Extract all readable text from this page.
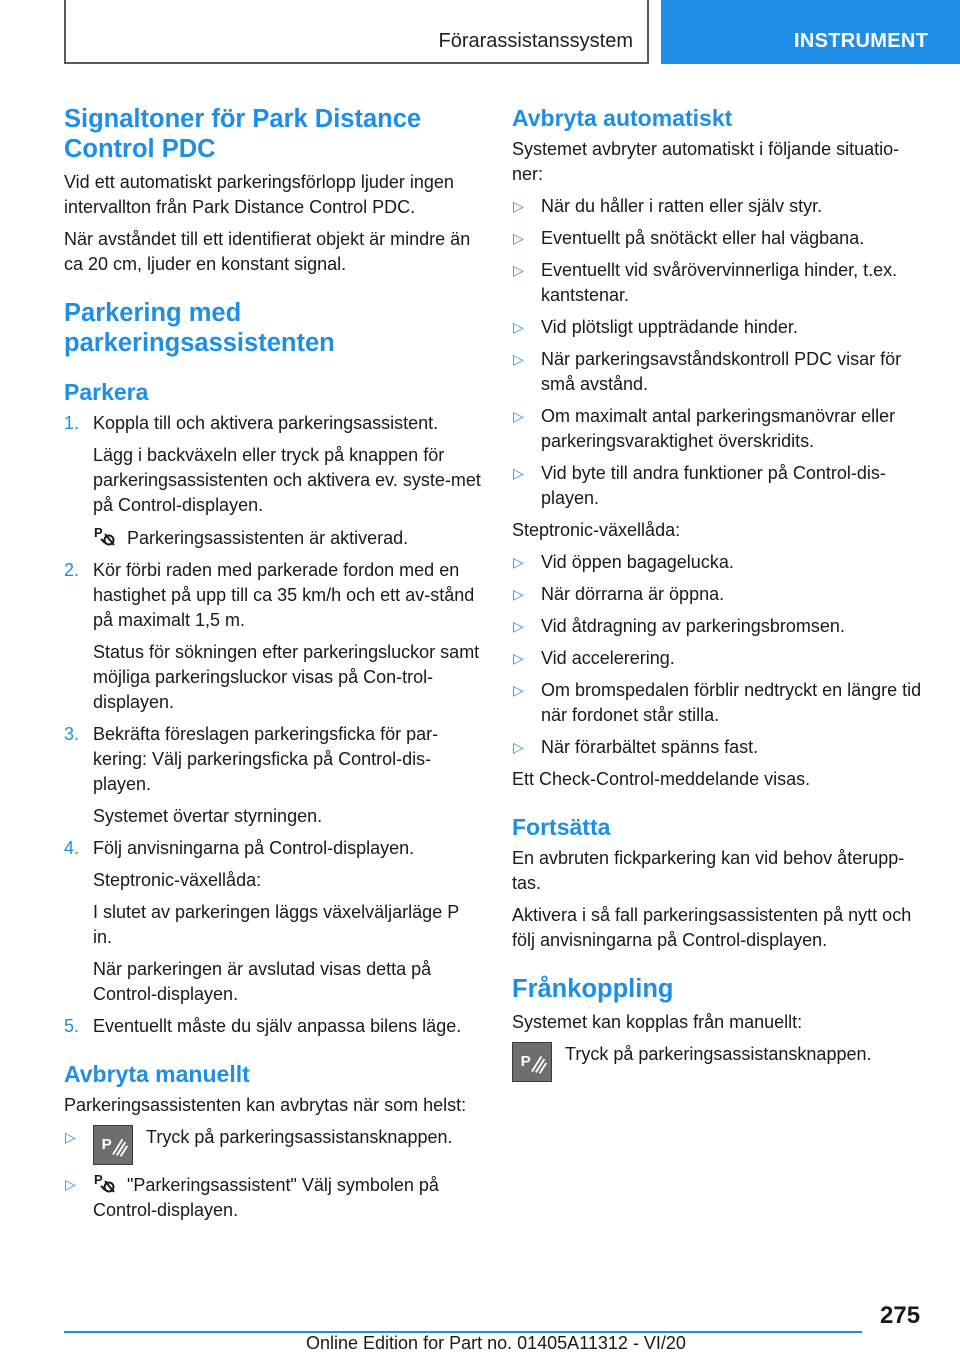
Förarassistanssystem	INSTRUMENT
Signaltoner för Park Distance Control PDC

Vid ett automatiskt parkeringsförlopp ljuder ingen intervallton från Park Distance Control PDC.

När avståndet till ett identifierat objekt är mindre än ca 20 cm, ljuder en konstant signal.

Parkering med parkeringsassistenten
Parkera
1. Koppla till och aktivera parkeringsassistent.

Lägg i backväxeln eller tryck på knappen för parkeringsassistenten och aktivera ev. syste-met på Control-displayen.

P Parkeringsassistenten är aktiverad.

2. Kör förbi raden med parkerade fordon med en hastighet på upp till ca 35 km/h och ett av-stånd på maximalt 1,5 m.

Status för sökningen efter parkeringsluckor samt möjliga parkeringsluckor visas på Con-trol-displayen.

3. Bekräfta föreslagen parkeringsficka för par-kering: Välj parkeringsficka på Control-dis-playen.

Systemet övertar styrningen.

4. Följ anvisningarna på Control-displayen.

Steptronic-växellåda:

I slutet av parkeringen läggs växelväljarläge P in.

När parkeringen är avslutad visas detta på Control-displayen.

5. Eventuellt måste du själv anpassa bilens läge.
Avbryta manuellt

Parkeringsassistenten kan avbrytas när som helst:

▷	P Tryck på parkeringsassistansknappen.
▷	P "Parkeringsassistent" Välj symbolen på Control-displayen.
Avbryta automatiskt

Systemet avbryter automatiskt i följande situatio-ner:

▷ När du håller i ratten eller själv styr.
▷ Eventuellt på snötäckt eller hal vägbana.
▷ Eventuellt vid svårövervinnerliga hinder, t.ex. kantstenar.
▷ Vid plötsligt uppträdande hinder.
▷ När parkeringsavståndskontroll PDC visar för små avstånd.
▷ Om maximalt antal parkeringsmanövrar eller parkeringsvaraktighet överskridits.
▷ Vid byte till andra funktioner på Control-dis-playen.

Steptronic-växellåda:

▷ Vid öppen bagagelucka.
▷ När dörrarna är öppna.
▷ Vid åtdragning av parkeringsbromsen.
▷ Vid accelerering.
▷ Om bromspedalen förblir nedtryckt en längre tid när fordonet står stilla.
▷ När förarbältet spänns fast.

Ett Check-Control-meddelande visas.

Fortsätta

En avbruten fickparkering kan vid behov återupp-tas.

Aktivera i så fall parkeringsassistenten på nytt och följ anvisningarna på Control-displayen.

Frånkoppling

Systemet kan kopplas från manuellt:

P Tryck på parkeringsassistansknappen.
275
Online Edition for Part no. 01405A11312 - VI/20
